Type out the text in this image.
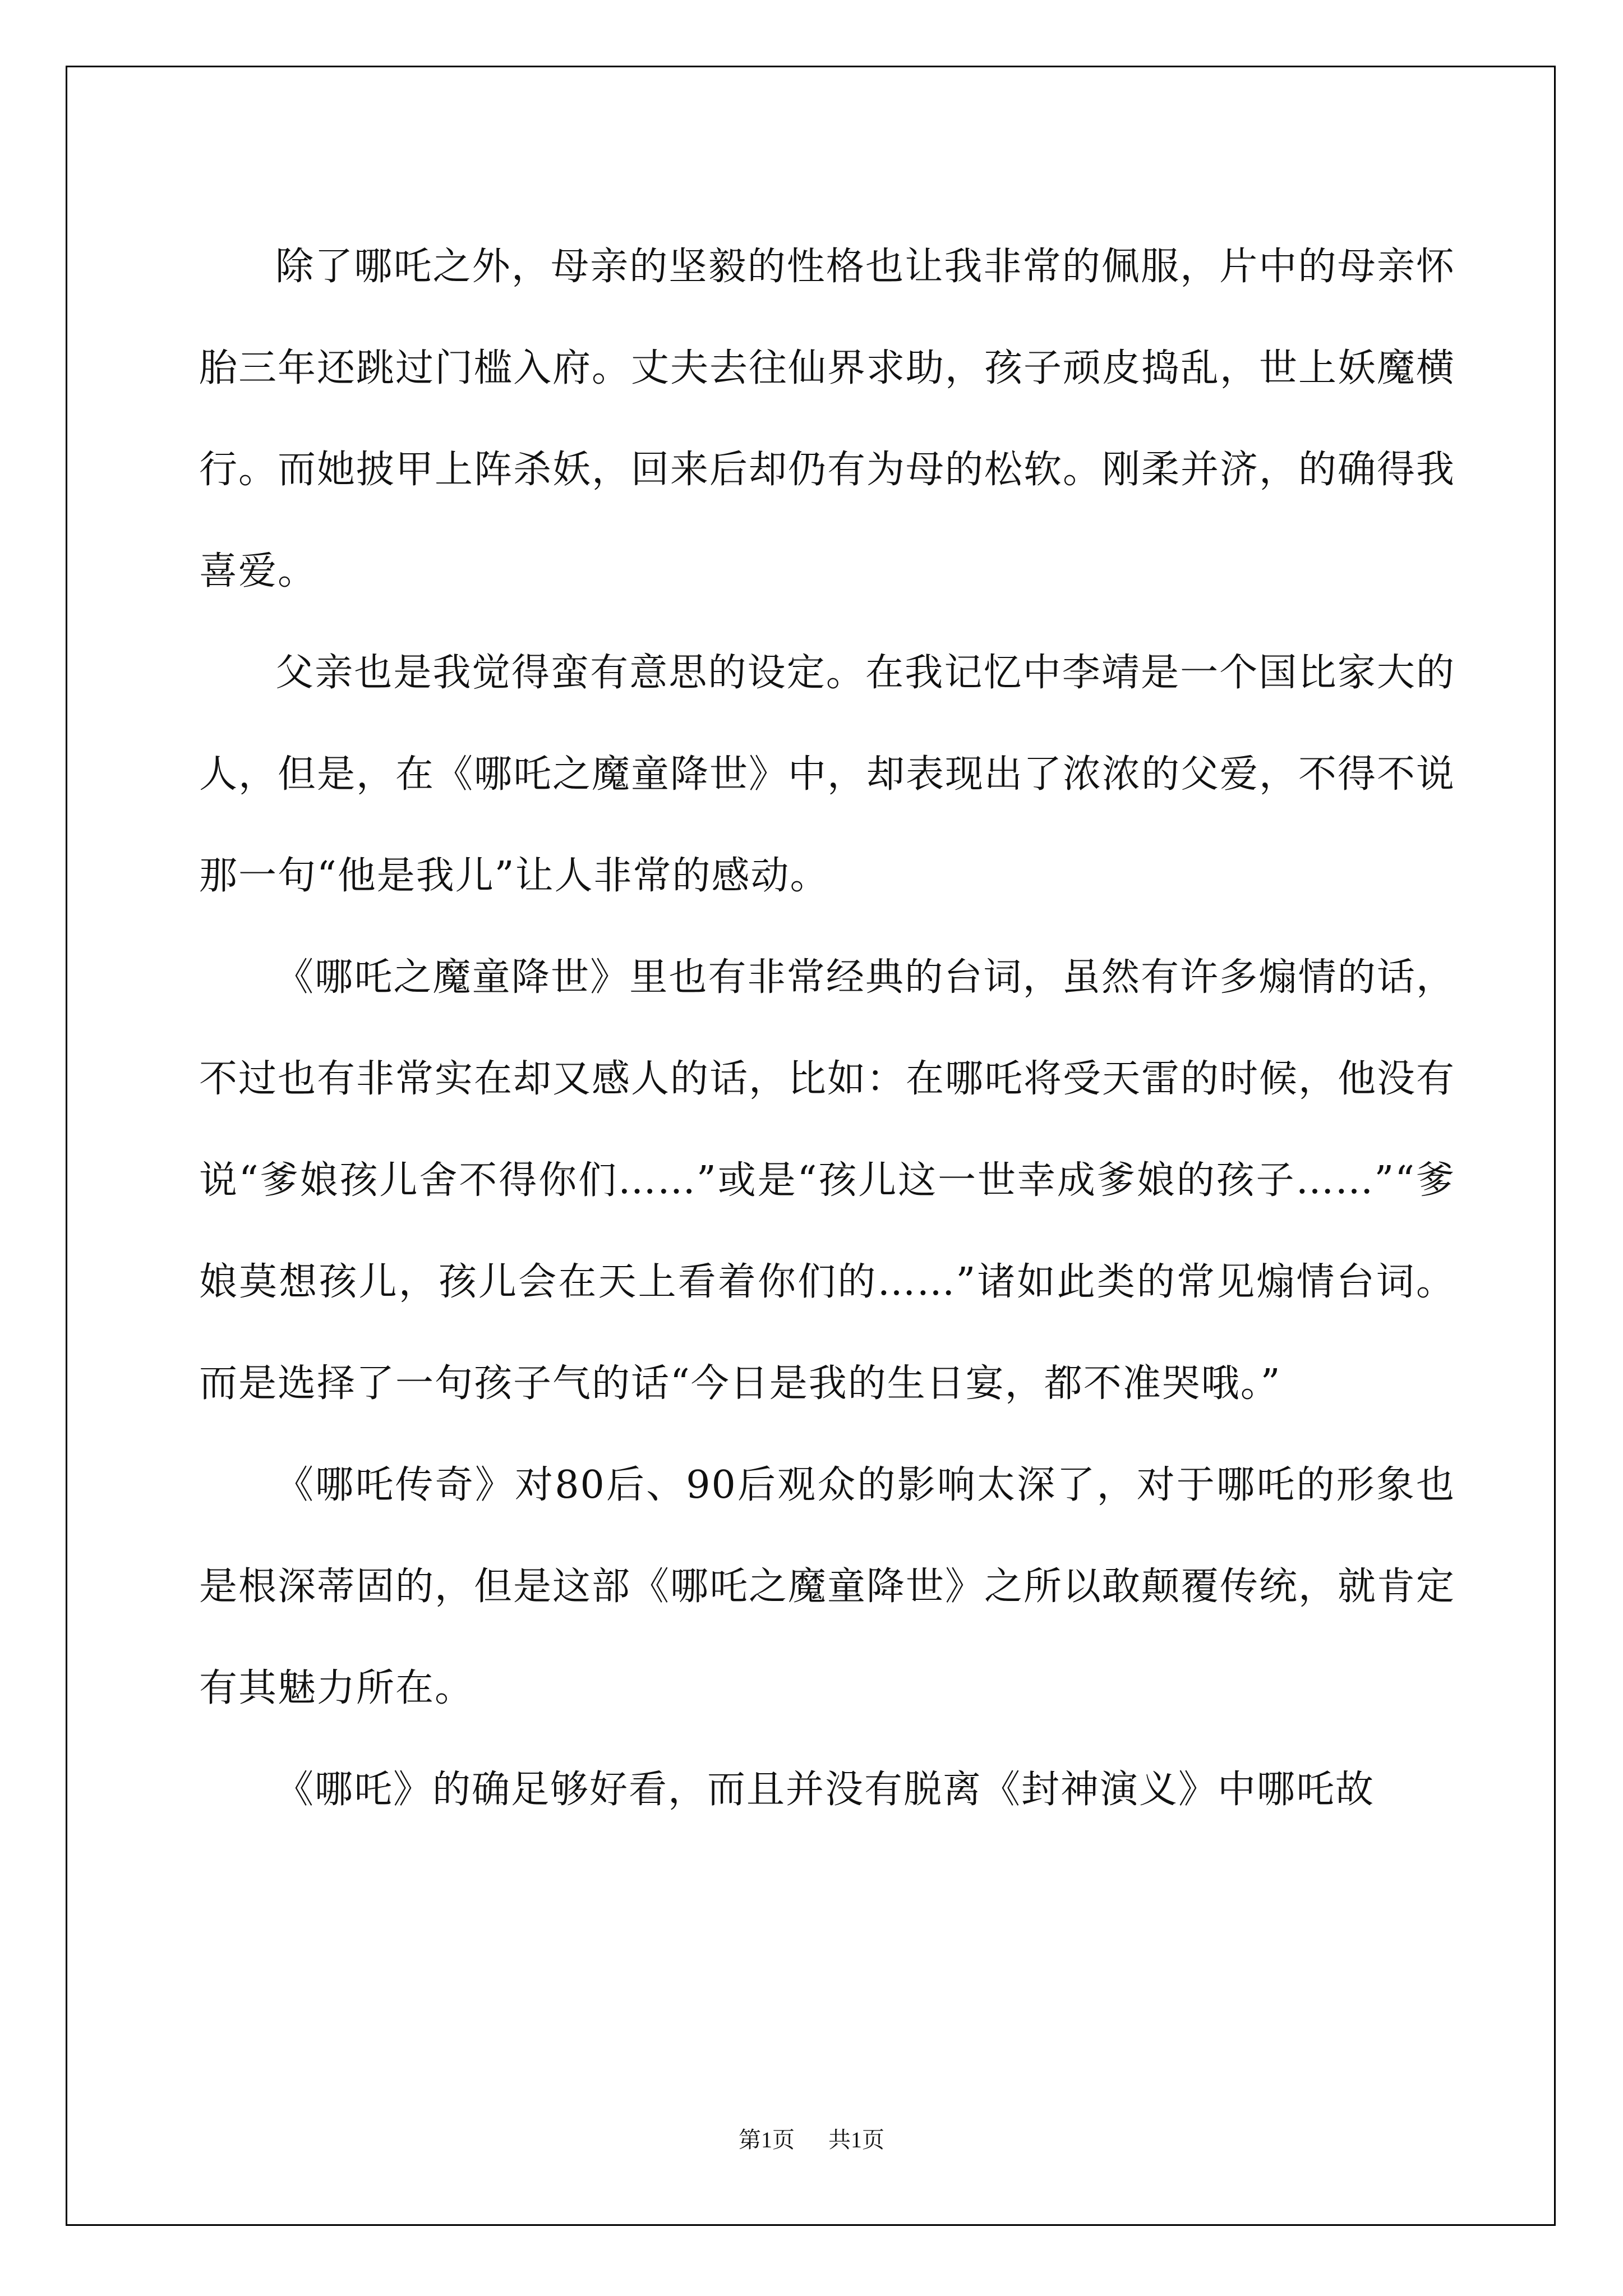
除了哪吒之外，母亲的坚毅的性格也让我非常的佩服，片中的母亲怀胎三年还跳过门槛入府。丈夫去往仙界求助，孩子顽皮捣乱，世上妖魔横行。而她披甲上阵杀妖，回来后却仍有为母的松软。刚柔并济，的确得我喜爱。

父亲也是我觉得蛮有意思的设定。在我记忆中李靖是一个国比家大的人，但是，在《哪吒之魔童降世》中，却表现出了浓浓的父爱，不得不说那一句“他是我儿”让人非常的感动。

《哪吒之魔童降世》里也有非常经典的台词，虽然有许多煽情的话，不过也有非常实在却又感人的话，比如：在哪吒将受天雷的时候，他没有说“爹娘孩儿舍不得你们……”或是“孩儿这一世幸成爹娘的孩子……”“爹娘莫想孩儿，孩儿会在天上看着你们的……”诸如此类的常见煽情台词。而是选择了一句孩子气的话“今日是我的生日宴，都不准哭哦。”

《哪吒传奇》对80后、90后观众的影响太深了，对于哪吒的形象也是根深蒂固的，但是这部《哪吒之魔童降世》之所以敢颠覆传统，就肯定有其魅力所在。

《哪吒》的确足够好看，而且并没有脱离《封神演义》中哪吒故

第1页 共1页
